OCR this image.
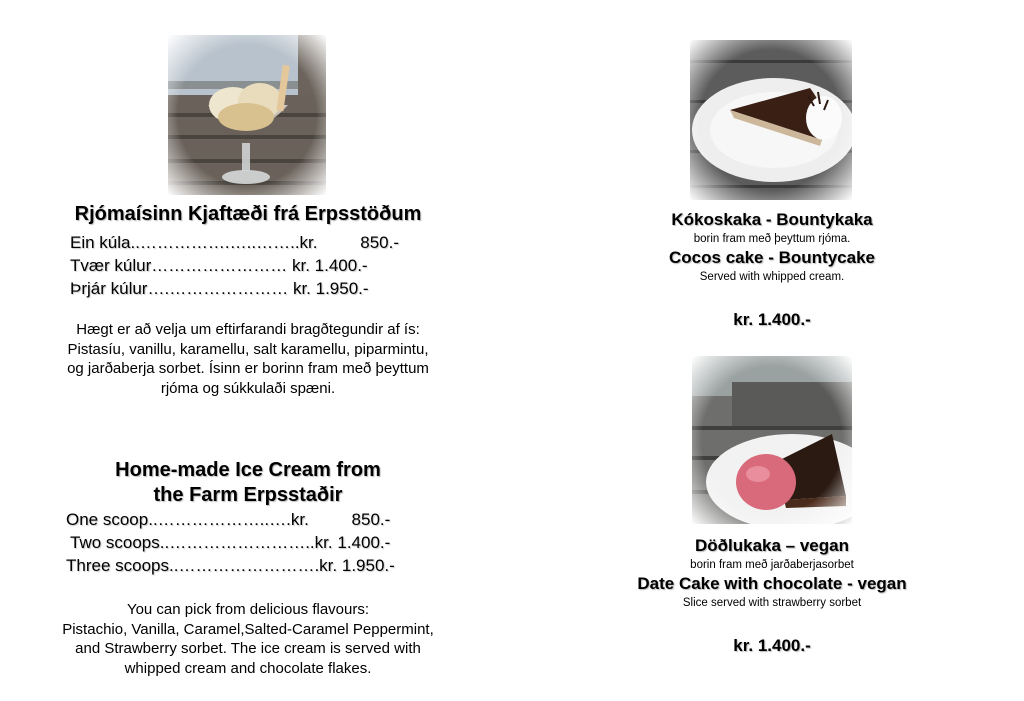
Rjómaísinn Kjaftæði frá Erpsstöðum
Ein kúla..…………….…..……..kr.	850.-
Tvær kúlur…………………… kr. 1.400.-
Þrjár kúlur….………………… kr. 1.950.-
Hægt er að velja um eftirfarandi bragðtegundir af ís:
Pistasíu, vanillu, karamellu, salt karamellu, piparmintu,
og jarðaberja sorbet. Ísinn er borinn fram með þeyttum
rjóma og súkkulaði spæni.
Home-made Ice Cream from
the Farm Erpsstaðir
One scoop..………………..….kr.	850.-
Two scoops..……………………..kr. 1.400.-
Three scoops..…………………….kr. 1.950.-
You can pick from delicious flavours:
Pistachio, Vanilla, Caramel,Salted-Caramel Peppermint,
and Strawberry sorbet. The ice cream is served with
whipped cream and chocolate flakes.
Kókoskaka - Bountykaka
borin fram með þeyttum rjóma.
Cocos cake - Bountycake
Served with whipped cream.
kr. 1.400.-
Döðlukaka – vegan
borin fram með jarðaberjasorbet
Date Cake with chocolate - vegan
Slice served with strawberry sorbet
kr. 1.400.-
